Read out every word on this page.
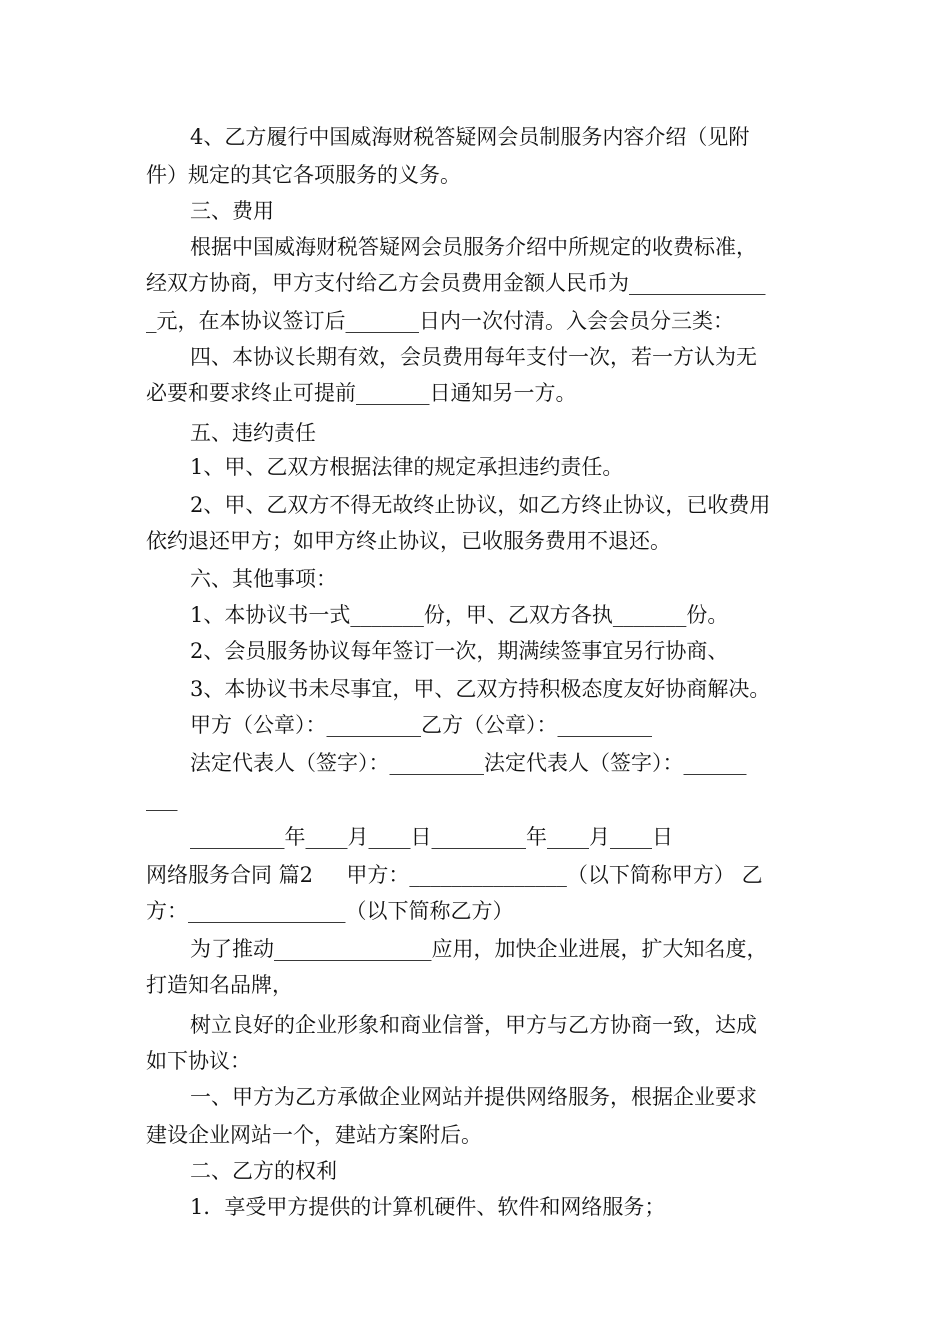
4、乙方履行中国威海财税答疑网会员制服务内容介绍（见附
件）规定的其它各项服务的义务。
三、费用
根据中国威海财税答疑网会员服务介绍中所规定的收费标准，
经双方协商，甲方支付给乙方会员费用金额人民币为_____________
_元，在本协议签订后_______日内一次付清。入会会员分三类：
四、本协议长期有效，会员费用每年支付一次，若一方认为无
必要和要求终止可提前_______日通知另一方。
五、违约责任
1、甲、乙双方根据法律的规定承担违约责任。
2、甲、乙双方不得无故终止协议，如乙方终止协议，已收费用
依约退还甲方；如甲方终止协议，已收服务费用不退还。
六、其他事项：
1、本协议书一式_______份，甲、乙双方各执_______份。
2、会员服务协议每年签订一次，期满续签事宜另行协商、
3、本协议书未尽事宜，甲、乙双方持积极态度友好协商解决。
甲方（公章）：_________乙方（公章）：_________
法定代表人（签字）：_________法定代表人（签字）：______
___
_________年____月____日_________年____月____日
网络服务合同 篇2     甲方：_______________（以下简称甲方） 乙
方：_______________（以下简称乙方）
为了推动_______________应用，加快企业进展，扩大知名度，
打造知名品牌，
树立良好的企业形象和商业信誉，甲方与乙方协商一致，达成
如下协议：
一、甲方为乙方承做企业网站并提供网络服务，根据企业要求
建设企业网站一个，建站方案附后。
二、乙方的权利
1．享受甲方提供的计算机硬件、软件和网络服务；
